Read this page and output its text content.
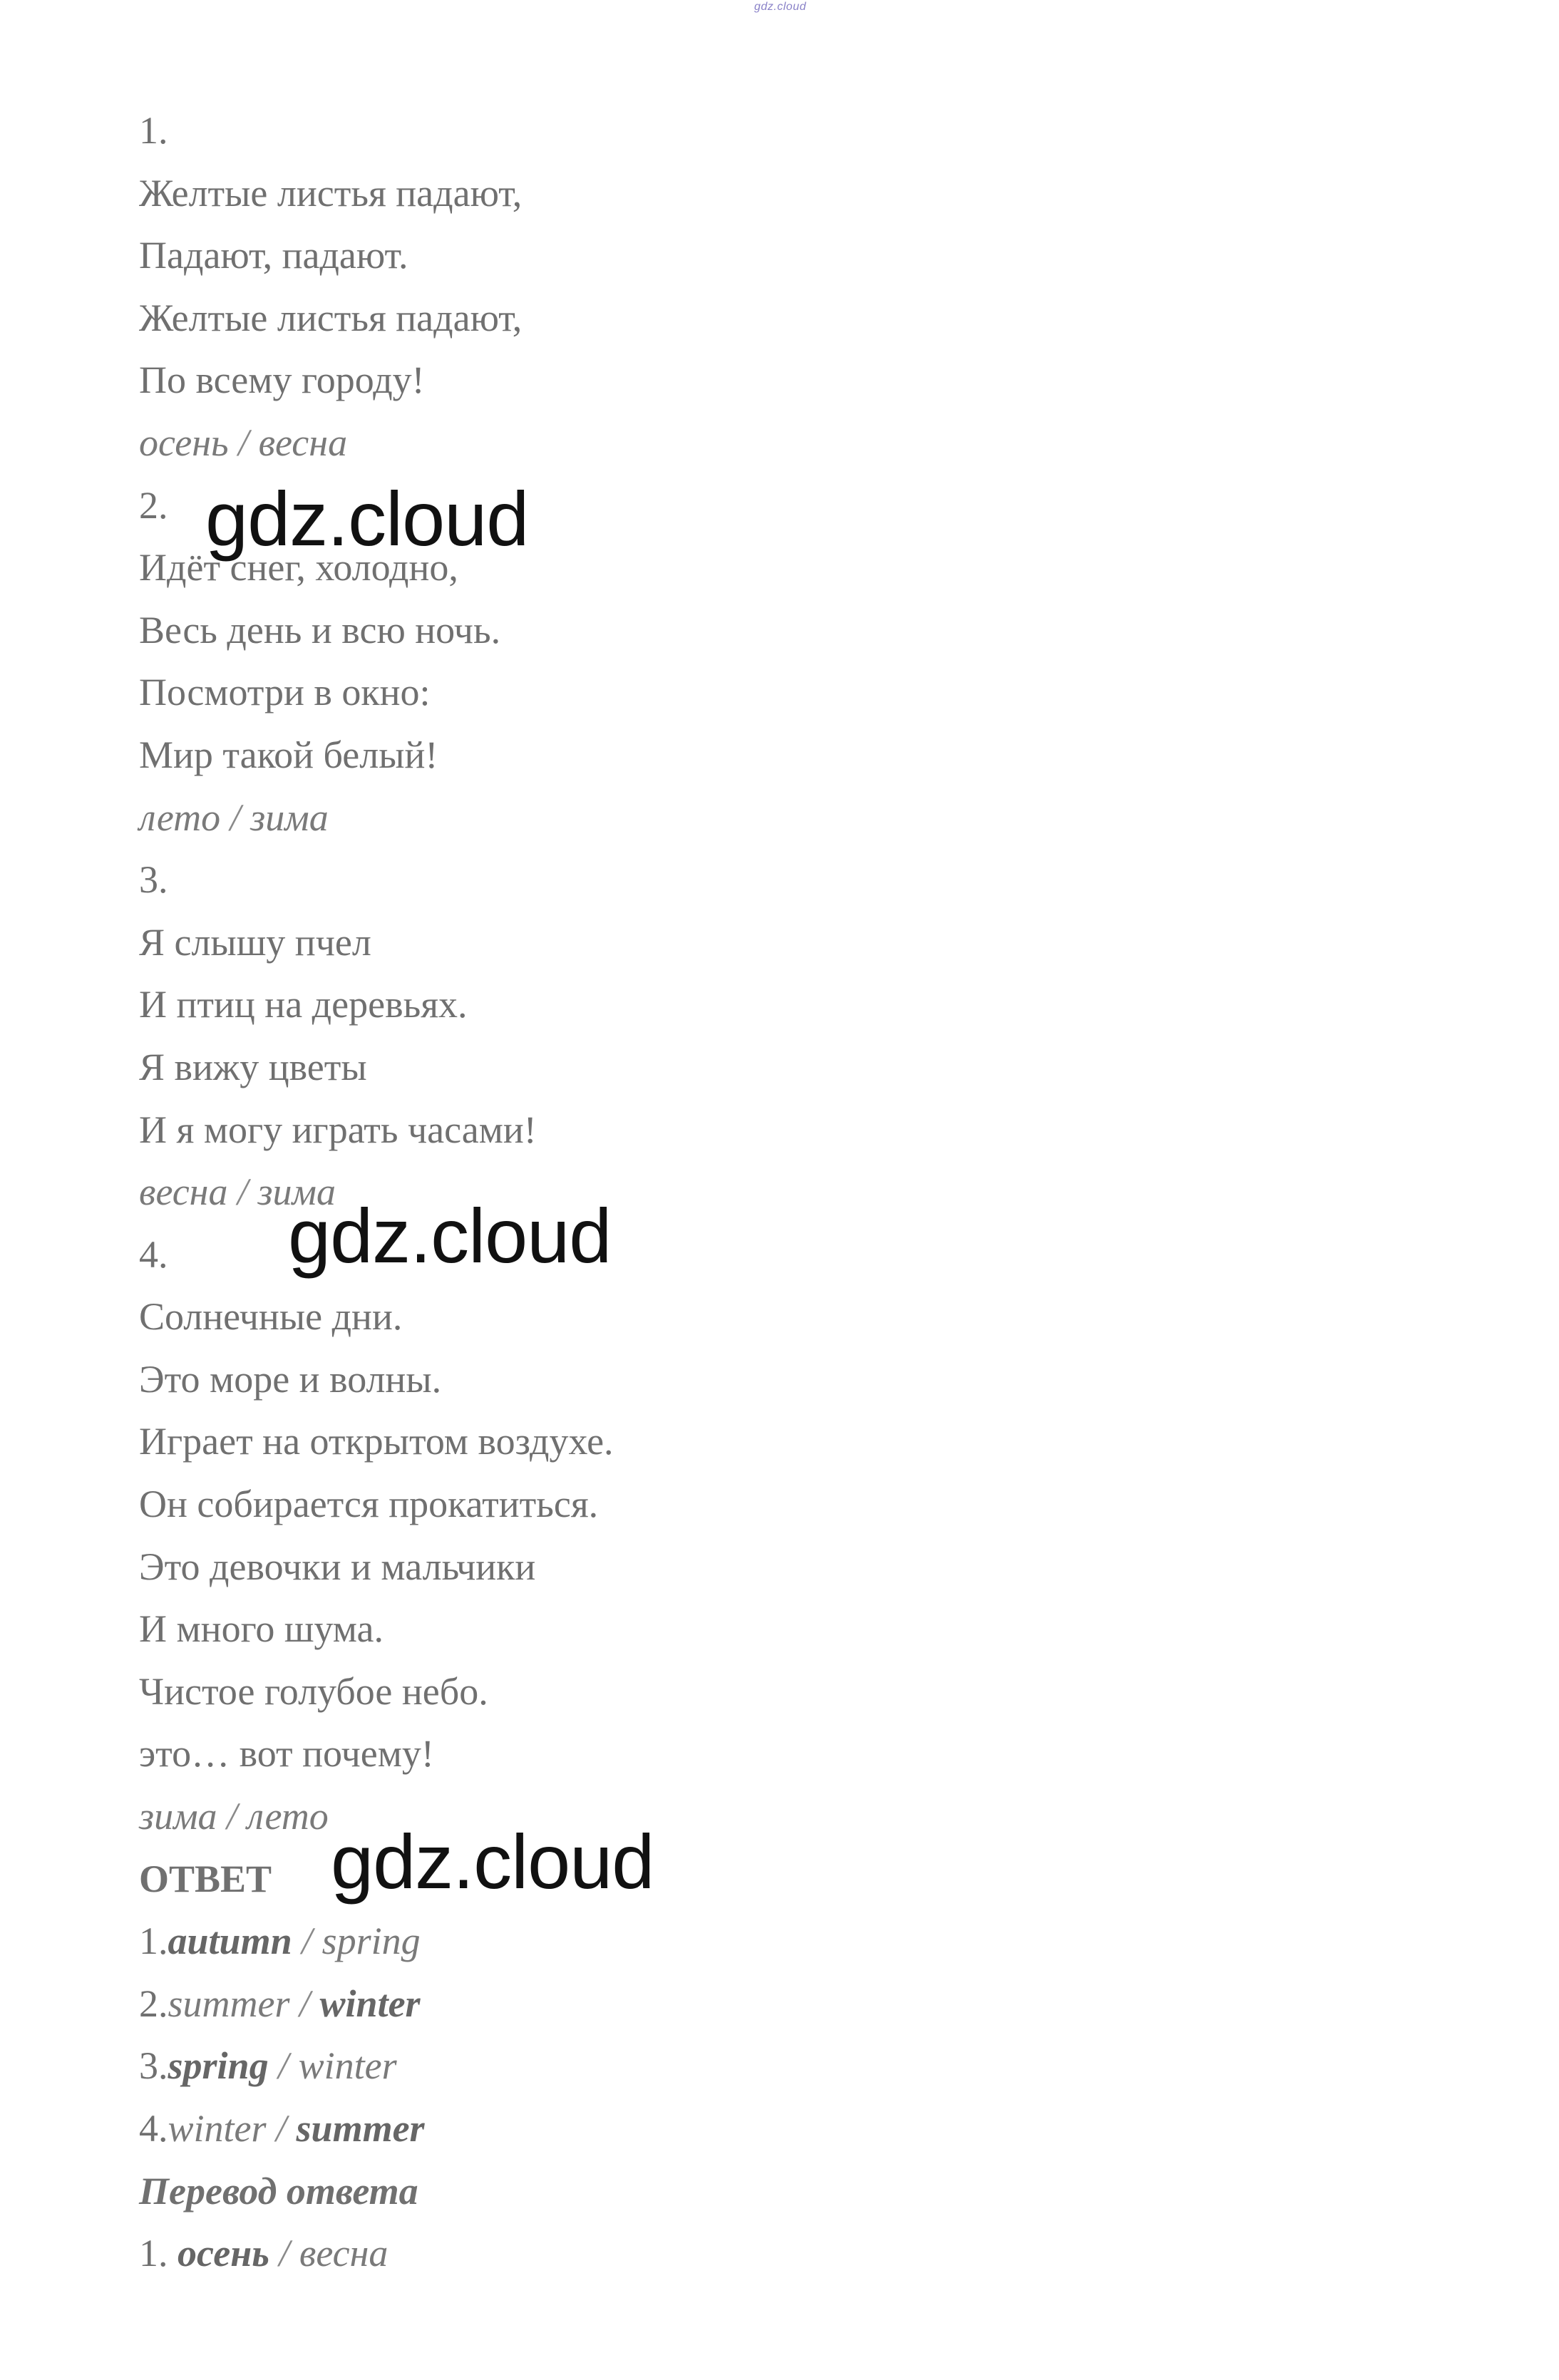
gdz.cloud
1.
Желтые листья падают,
Падают, падают.
Желтые листья падают,
По всему городу!
осень / весна
2.
Идёт снег, холодно,
Весь день и всю ночь.
Посмотри в окно:
Мир такой белый!
лето / зима
3.
Я слышу пчел
И птиц на деревьях.
Я вижу цветы
И я могу играть часами!
весна / зима
4.
Солнечные дни.
Это море и волны.
Играет на открытом воздухе.
Он собирается прокатиться.
Это девочки и мальчики
И много шума.
Чистое голубое небо.
это… вот почему!
зима / лето
ОТВЕТ
1.autumn / spring
2.summer / winter
3.spring / winter
4.winter / summer
Перевод ответа
1. осень / весна
gdz.cloud
gdz.cloud
gdz.cloud
